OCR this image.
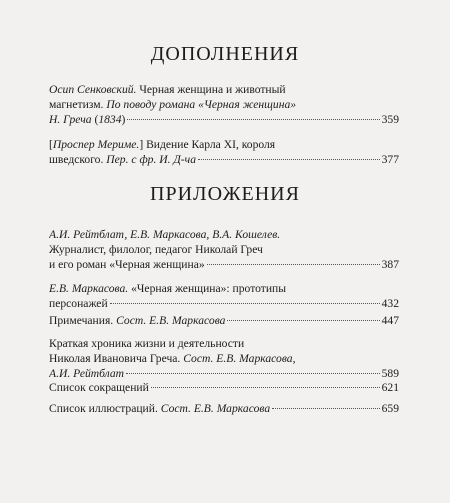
ДОПОЛНЕНИЯ
Осип Сенковский. Черная женщина и животный
магнетизм. По поводу романа «Черная женщина»
Н. Греча (1834)	359
[Проспер Мериме.] Видение Карла XI, короля
шведского. Пер. с фр. И. Д-ча	377
ПРИЛОЖЕНИЯ
А.И. Рейтблат, Е.В. Маркасова, В.А. Кошелев.
Журналист, филолог, педагог Николай Греч
и его роман «Черная женщина»	387
Е.В. Маркасова. «Черная женщина»: прототипы
персонажей	432
Примечания. Сост. Е.В. Маркасова	447
Краткая хроника жизни и деятельности
Николая Ивановича Греча. Сост. Е.В. Маркасова,
А.И. Рейтблат	589
Список сокращений	621
Список иллюстраций. Сост. Е.В. Маркасова	659
